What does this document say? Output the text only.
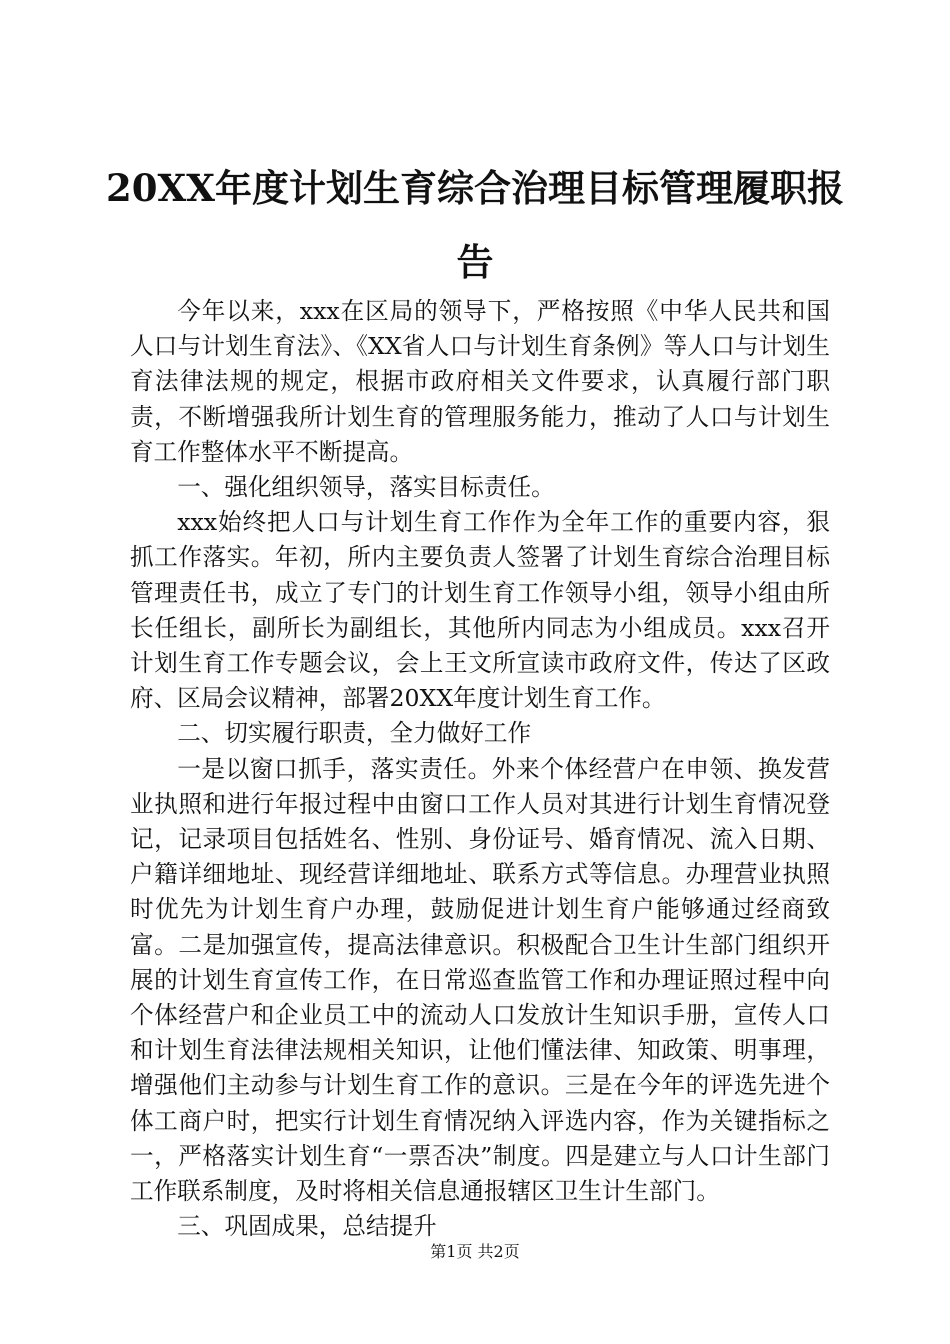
20XX年度计划生育综合治理目标管理履职报
告

今年以来，xxx在区局的领导下，严格按照《中华人民共和国人口与计划生育法》、《XX省人口与计划生育条例》等人口与计划生育法律法规的规定，根据市政府相关文件要求，认真履行部门职责，不断增强我所计划生育的管理服务能力，推动了人口与计划生育工作整体水平不断提高。

一、强化组织领导，落实目标责任。

xxx始终把人口与计划生育工作作为全年工作的重要内容，狠抓工作落实。年初，所内主要负责人签署了计划生育综合治理目标管理责任书，成立了专门的计划生育工作领导小组，领导小组由所长任组长，副所长为副组长，其他所内同志为小组成员。xxx召开计划生育工作专题会议，会上王文所宣读市政府文件，传达了区政府、区局会议精神，部署20XX年度计划生育工作。

二、切实履行职责，全力做好工作

一是以窗口抓手，落实责任。外来个体经营户在申领、换发营业执照和进行年报过程中由窗口工作人员对其进行计划生育情况登记，记录项目包括姓名、性别、身份证号、婚育情况、流入日期、户籍详细地址、现经营详细地址、联系方式等信息。办理营业执照时优先为计划生育户办理，鼓励促进计划生育户能够通过经商致富。二是加强宣传，提高法律意识。积极配合卫生计生部门组织开展的计划生育宣传工作，在日常巡查监管工作和办理证照过程中向个体经营户和企业员工中的流动人口发放计生知识手册，宣传人口和计划生育法律法规相关知识，让他们懂法律、知政策、明事理，增强他们主动参与计划生育工作的意识。三是在今年的评选先进个体工商户时，把实行计划生育情况纳入评选内容，作为关键指标之一，严格落实计划生育“一票否决”制度。四是建立与人口计生部门工作联系制度，及时将相关信息通报辖区卫生计生部门。

三、巩固成果，总结提升

第1页 共2页
